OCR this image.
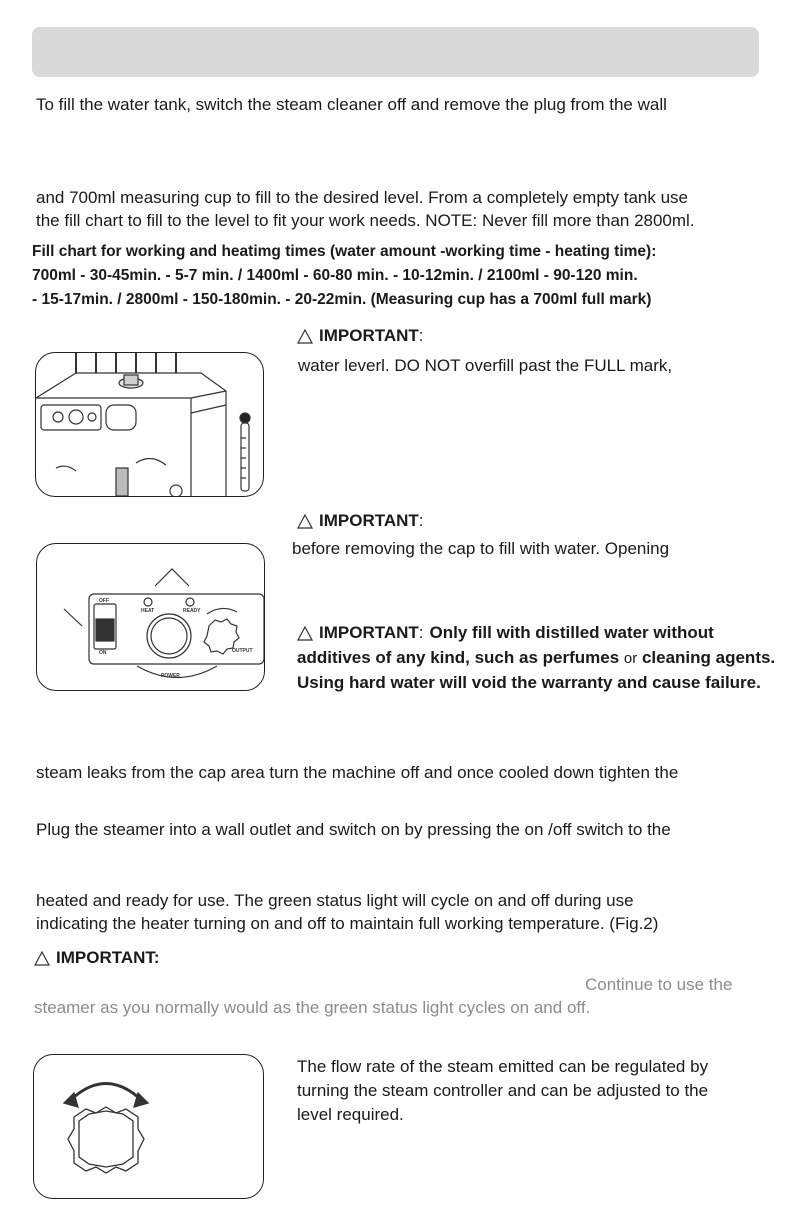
To fill the water tank, switch the steam cleaner off and remove the plug from the wall
and 700ml measuring cup to fill to the desired level. From a completely empty tank use
the fill chart to fill to the level to fit your work needs. NOTE: Never fill more than 2800ml.
Fill chart for working and heatimg times (water amount -working time - heating time):
700ml - 30-45min. - 5-7 min. / 1400ml - 60-80 min. - 10-12min. / 2100ml - 90-120 min.
- 15-17min. / 2800ml - 150-180min. - 20-22min. (Measuring cup has a 700ml full mark)
IMPORTANT:
water leverl. DO NOT overfill past the FULL mark,
IMPORTANT:
before removing the cap to fill with water. Opening
HEAT	READY
OUTPUT
OFF
ON
POWER
IMPORTANT: Only fill with distilled water without
additives of any kind, such as perfumes or cleaning agents.
Using hard water will void the warranty and cause failure.
steam leaks from the cap area turn the machine off and once cooled down tighten the
Plug the steamer into a wall outlet and switch on by pressing the on /off switch to the
heated and ready for use. The green status light will cycle on and off during use
indicating the heater turning on and off to maintain full working temperature. (Fig.2)
IMPORTANT:
Continue to use the
steamer as you normally would as the green status light cycles on and off.
The flow rate of the steam emitted can be regulated by
turning the steam controller and can be adjusted to the
level required.
